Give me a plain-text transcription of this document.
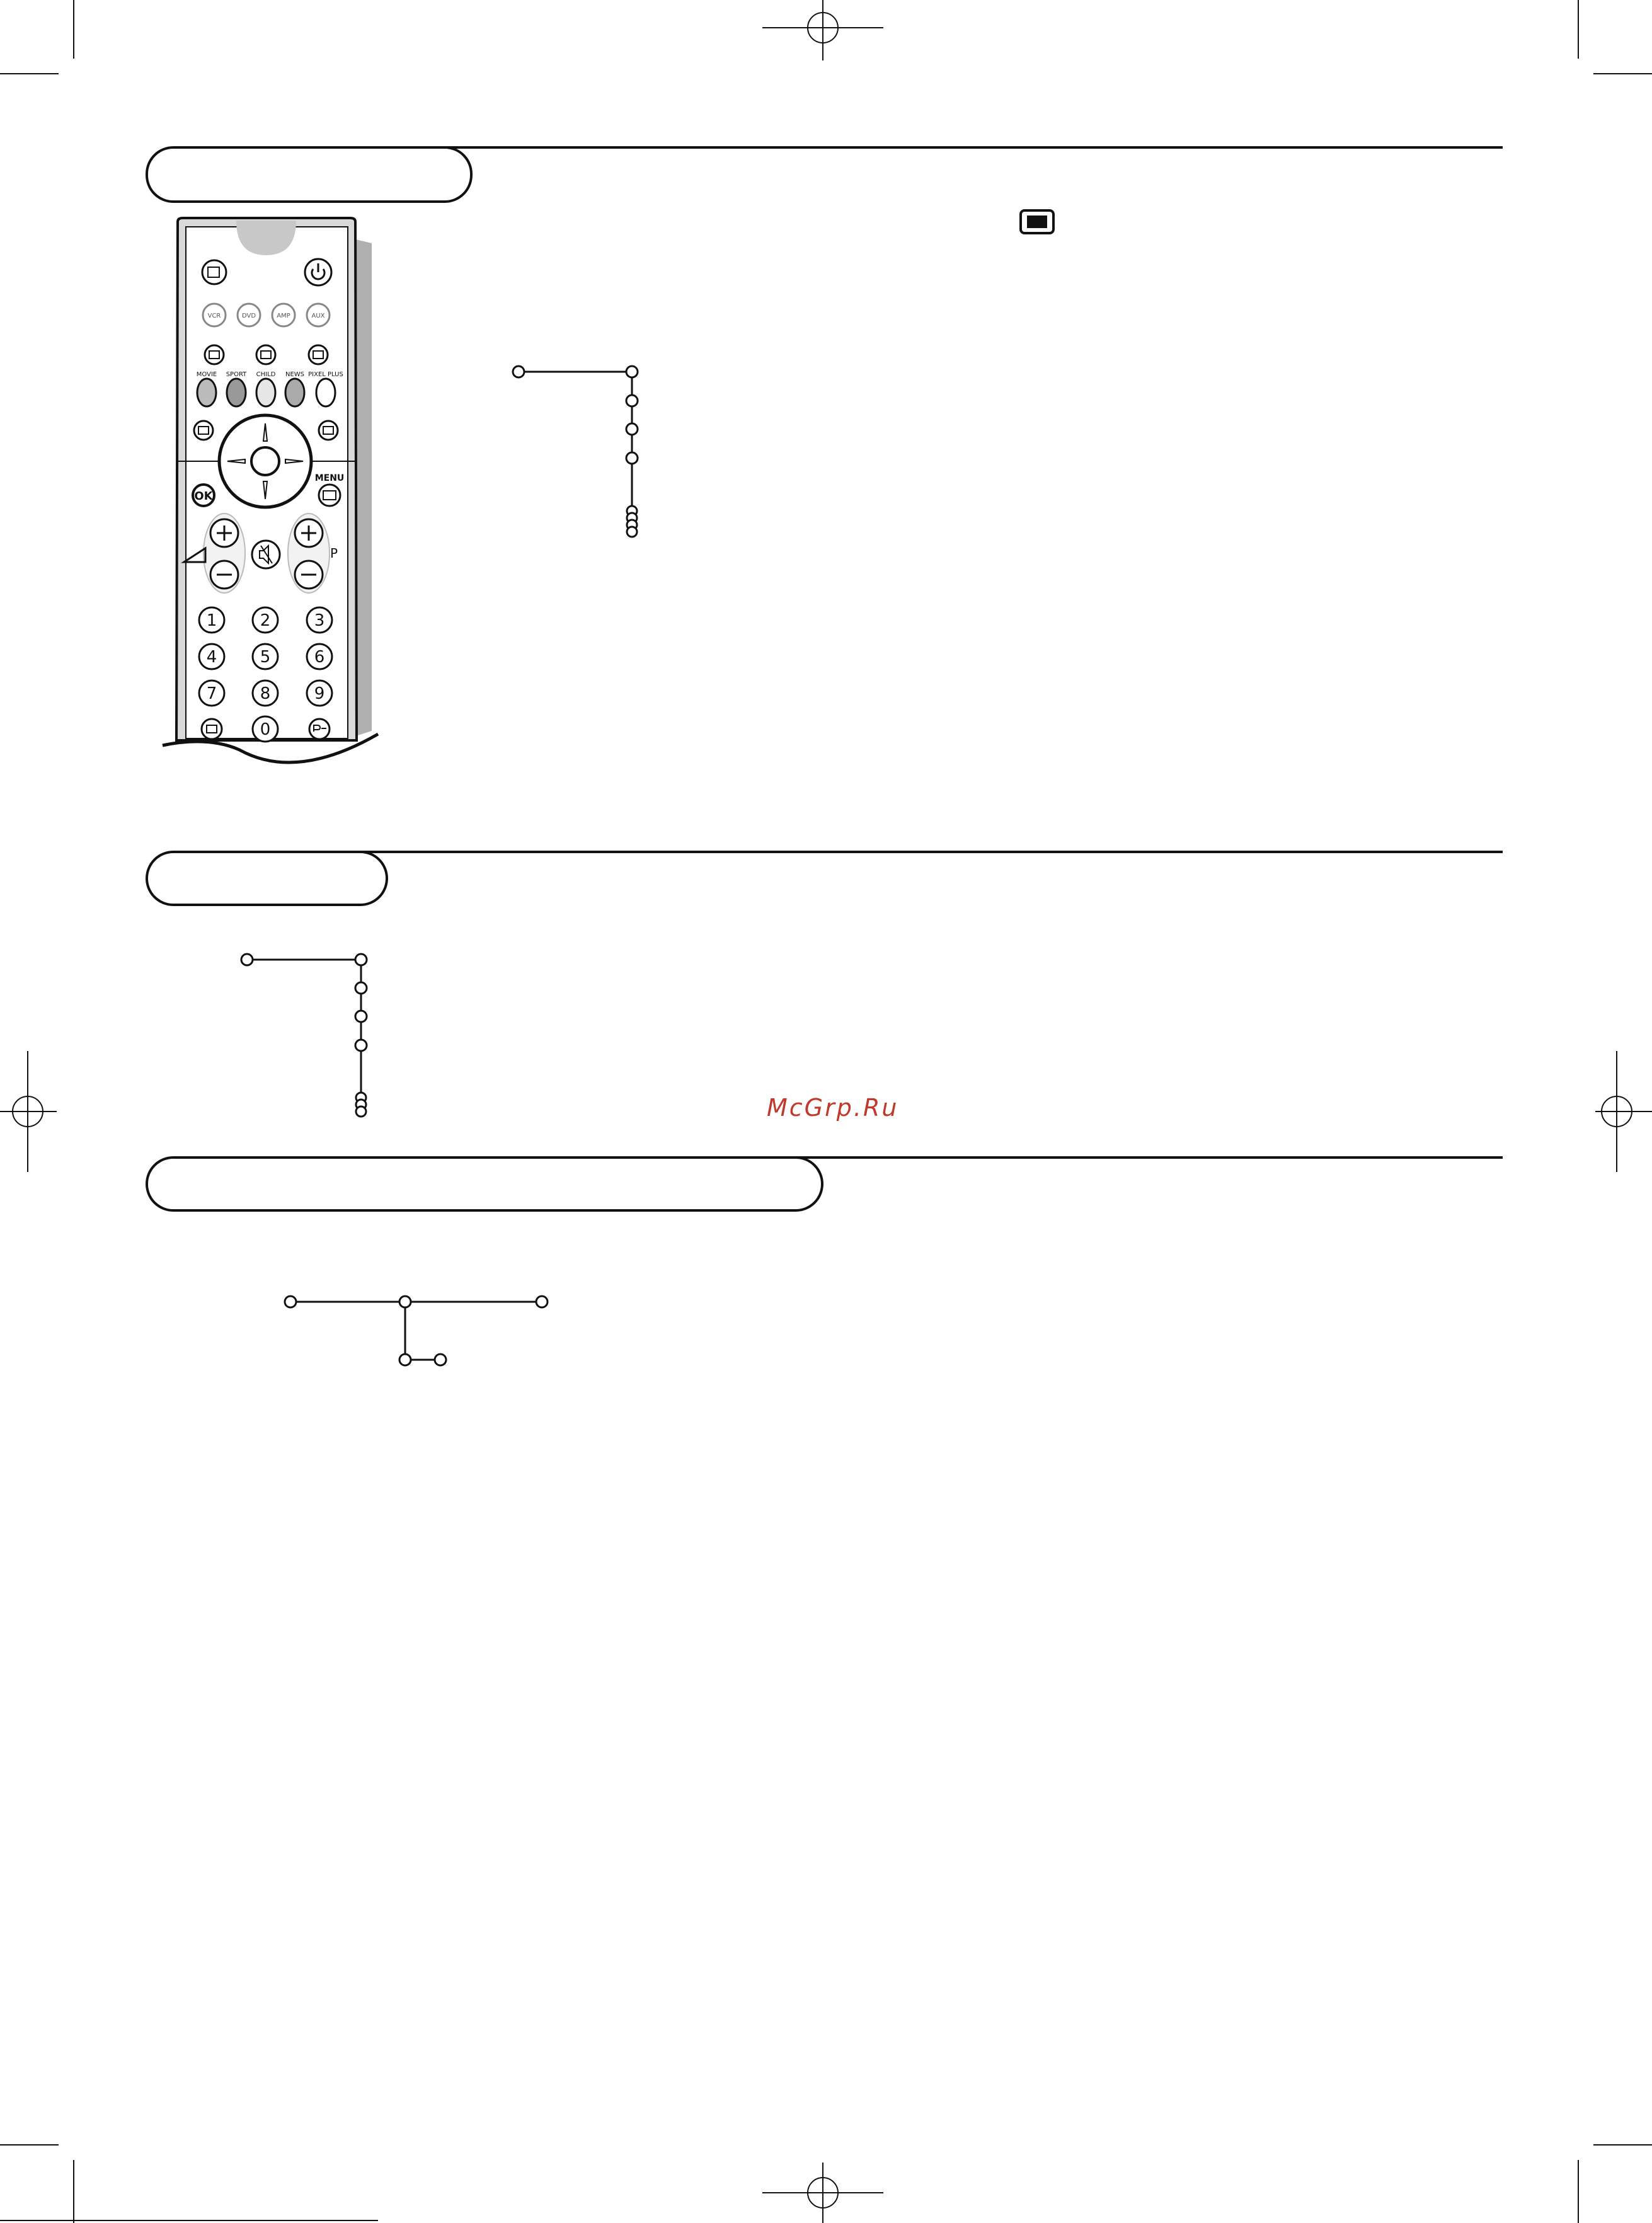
VCR	DVD	AMP	AUX
MOVIE SPORT CHILD NEWS PIXEL PLUS
OK
MENU
P
1	2	3
4	5	6
7	8	9
0
McGrp.Ru
